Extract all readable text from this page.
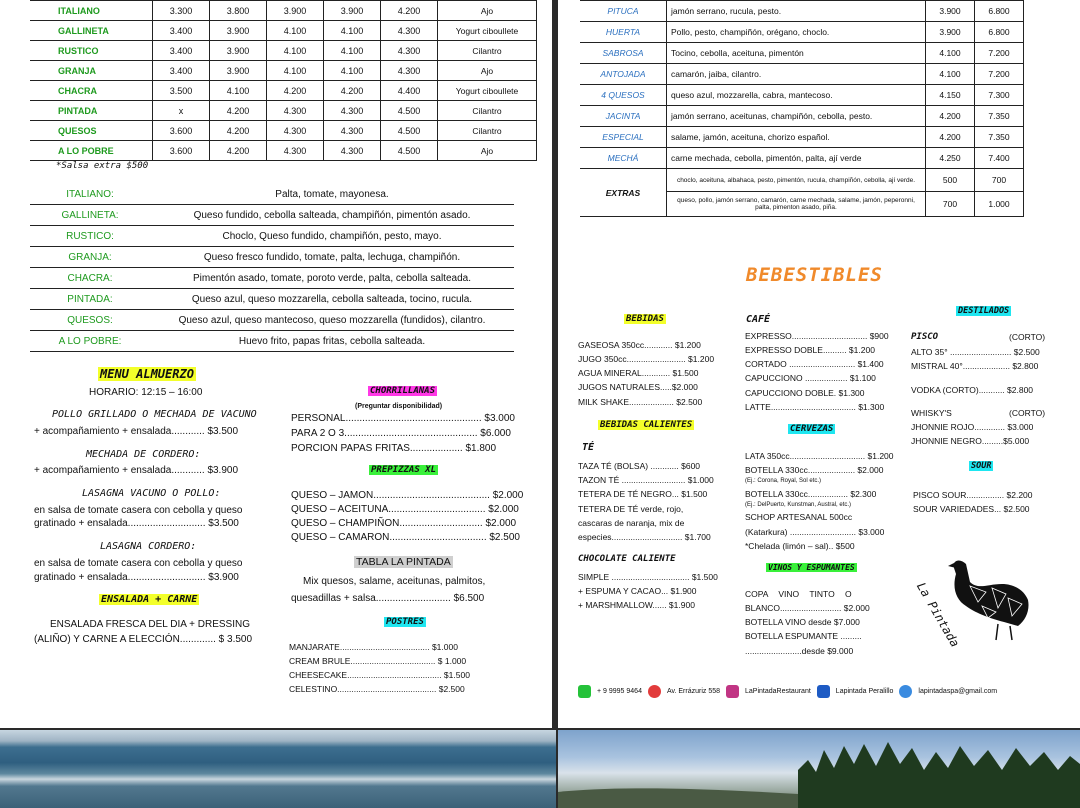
ITALIANO	3.300	3.800	3.900	3.900	4.200	Ajo
GALLINETA	3.400	3.900	4.100	4.100	4.300	Yogurt ciboullete
RUSTICO	3.400	3.900	4.100	4.100	4.300	Cilantro
GRANJA	3.400	3.900	4.100	4.100	4.300	Ajo
CHACRA	3.500	4.100	4.200	4.200	4.400	Yogurt ciboullete
PINTADA	x	4.200	4.300	4.300	4.500	Cilantro
QUESOS	3.600	4.200	4.300	4.300	4.500	Cilantro
A LO POBRE	3.600	4.200	4.300	4.300	4.500	Ajo
*Salsa extra $500
ITALIANO:	Palta, tomate, mayonesa.
GALLINETA:	Queso fundido, cebolla salteada, champiñón, pimentón asado.
RUSTICO:	Choclo, Queso fundido, champiñón, pesto, mayo.
GRANJA:	Queso fresco fundido, tomate, palta, lechuga, champiñón.
CHACRA:	Pimentón asado, tomate, poroto verde, palta, cebolla salteada.
PINTADA:	Queso azul, queso mozzarella, cebolla salteada, tocino, rucula.
QUESOS:	Queso azul, queso mantecoso, queso mozzarella (fundidos), cilantro.
A LO POBRE:	Huevo frito, papas fritas, cebolla salteada.
MENU ALMUERZO
HORARIO: 12:15 – 16:00
POLLO GRILLADO O MECHADA DE VACUNO
+ acompañamiento + ensalada............ $3.500
MECHADA DE CORDERO:
+ acompañamiento + ensalada............ $3.900
LASAGNA VACUNO O POLLO:
en salsa de tomate casera con cebolla y queso
gratinado + ensalada............................ $3.500
LASAGNA CORDERO:
en salsa de tomate casera con cebolla y queso
gratinado + ensalada............................ $3.900
ENSALADA + CARNE
ENSALADA FRESCA DEL DIA + DRESSING
(ALIÑO) Y CARNE A ELECCIÓN............. $ 3.500
CHORRILLANAS
(Preguntar disponibilidad)
PERSONAL................................................. $3.000
PARA 2 O 3................................................ $6.000
PORCION PAPAS FRITAS................... $1.800
PREPIZZAS XL
QUESO – JAMON.......................................... $2.000
QUESO – ACEITUNA................................... $2.000
QUESO – CHAMPIÑON.............................. $2.000
QUESO – CAMARON................................... $2.500
TABLA LA PINTADA
Mix quesos, salame, aceitunas, palmitos,
quesadillas + salsa........................... $6.500
POSTRES
MANJARATE...................................... $1.000
CREAM BRULE.................................... $ 1.000
CHEESECAKE........................................ $1.500
CELESTINO.......................................... $2.500
PITUCA	jamón serrano, rucula, pesto.	3.900	6.800
HUERTA	Pollo, pesto, champiñón, orégano, choclo.	3.900	6.800
SABROSA	Tocino, cebolla, aceituna, pimentón	4.100	7.200
ANTOJADA	camarón, jaiba, cilantro.	4.100	7.200
4 QUESOS	queso azul, mozzarella, cabra, mantecoso.	4.150	7.300
JACINTA	jamón serrano, aceitunas, champiñón, cebolla, pesto.	4.200	7.350
ESPECIAL	salame, jamón, aceituna, chorizo español.	4.200	7.350
MECHÁ	carne mechada, cebolla, pimentón, palta, ají verde	4.250	7.400
EXTRAS	choclo, aceituna, albahaca, pesto, pimentón, rucula, champiñón, cebolla, ají verde.	500	700
	queso, pollo, jamón serrano, camarón, carne mechada, salame, jamón, peperonni, palta, pimenton asado, piña.	700	1.000
BEBESTIBLES
BEBIDAS
GASEOSA 350cc............ $1.200
JUGO 350cc......................... $1.200
AGUA MINERAL............ $1.500
JUGOS NATURALES.....$2.000
MILK SHAKE................... $2.500
BEBIDAS CALIENTES
TÉ
TAZA TÉ (BOLSA) ............ $600
TAZON TÉ ........................... $1.000
TETERA DE TÉ NEGRO... $1.500
TETERA DE TÉ verde, rojo,
cascaras de naranja, mix de
especies.............................. $1.700
CHOCOLATE CALIENTE
SIMPLE ................................. $1.500
+ ESPUMA Y CACAO... $1.900
+ MARSHMALLOW...... $1.900
CAFÉ
EXPRESSO................................ $900
EXPRESSO DOBLE.......... $1.200
CORTADO ............................ $1.400
CAPUCCIONO .................. $1.100
CAPUCCIONO DOBLE. $1.300
LATTE.................................... $1.300
CERVEZAS
LATA 350cc................................ $1.200
BOTELLA 330cc.................... $2.000
(Ej.: Corona, Royal, Sol etc.)
BOTELLA 330cc................. $2.300
(Ej.: DelPuerto, Kunstman, Austral, etc.)
SCHOP ARTESANAL 500cc
(Katarkura) ............................ $3.000
*Chelada (limón – sal).. $500
VINOS Y ESPUMANTES
COPA VINO TINTO O
BLANCO.......................... $2.000
BOTELLA VINO desde $7.000
BOTELLA ESPUMANTE .........
........................desde $9.000
DESTILADOS
PISCO	(CORTO)
ALTO 35° .......................... $2.500
MISTRAL 40°.................... $2.800
VODKA (CORTO)........... $2.800
WHISKY'S	(CORTO)
JHONNIE ROJO............. $3.000
JHONNIE NEGRO.........$5.000
SOUR
PISCO SOUR................ $2.200
SOUR VARIEDADES... $2.500
La Pintada
+ 9 9995 9464	Av. Errázuriz 558	LaPintadaRestaurant	Lapintada Peralillo	lapintadaspa@gmail.com
